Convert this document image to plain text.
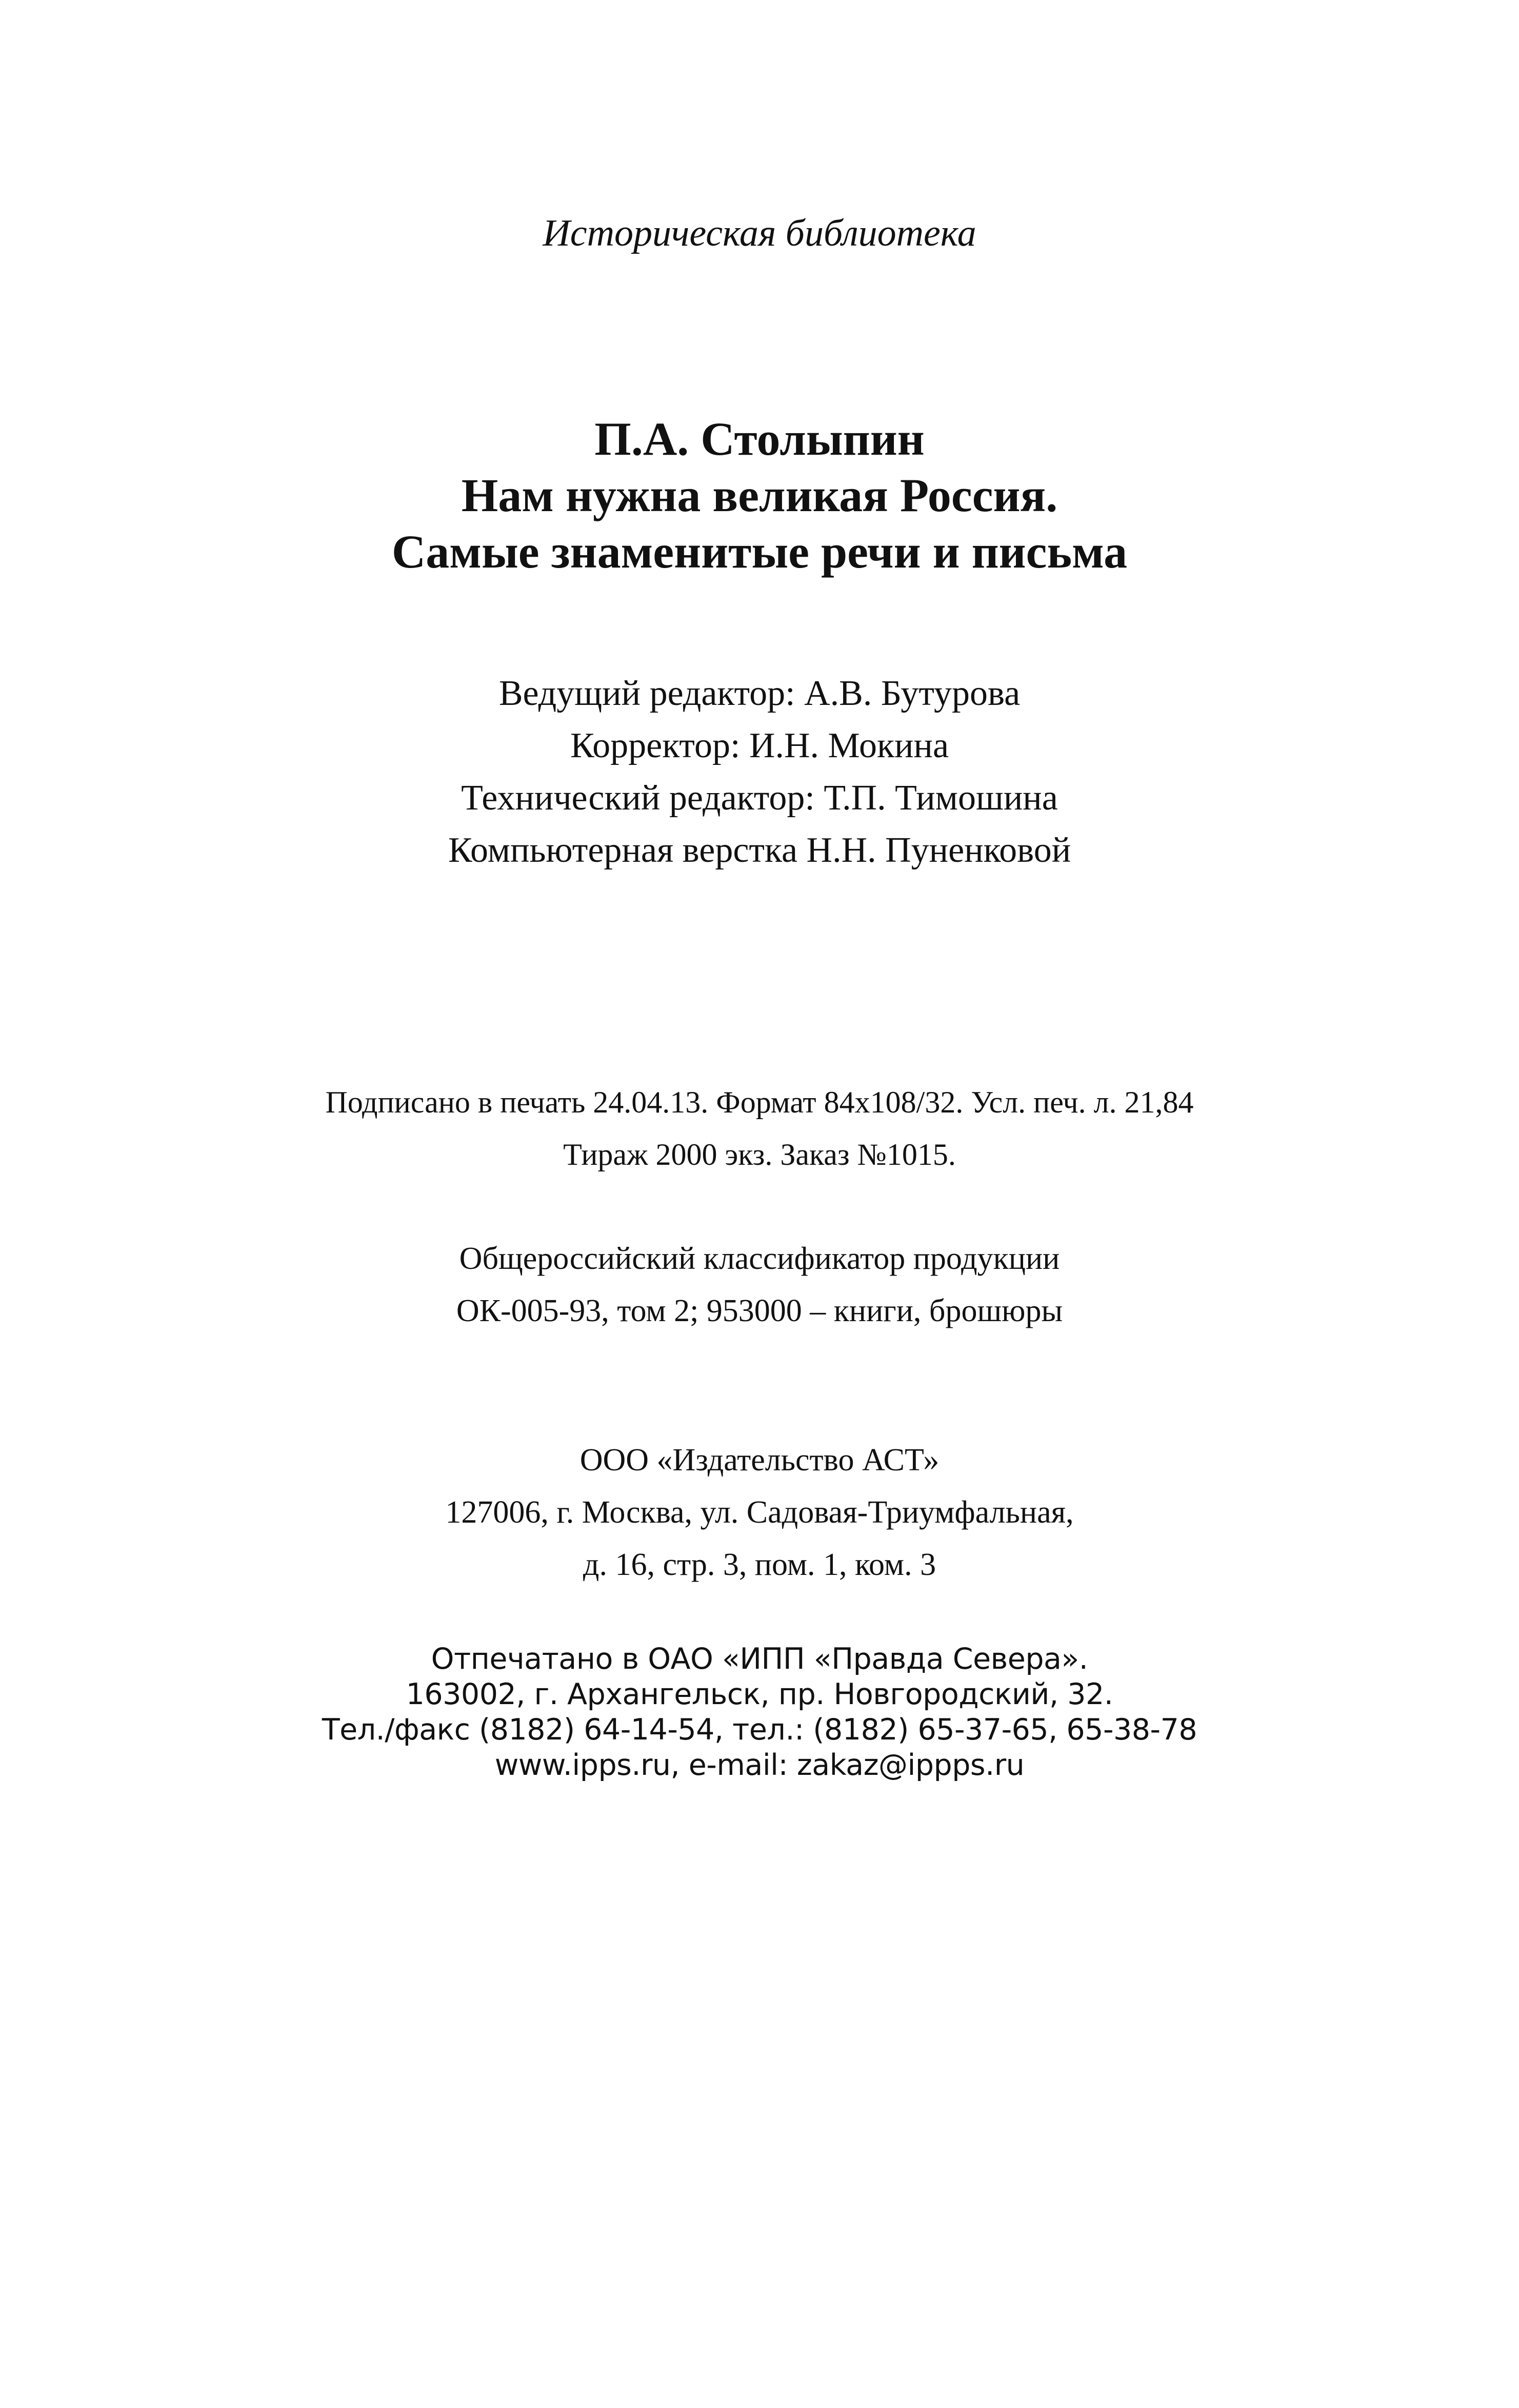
Историческая библиотека
П.А. Столыпин
Нам нужна великая Россия.
Самые знаменитые речи и письма
Ведущий редактор: А.В. Бутурова
Корректор: И.Н. Мокина
Технический редактор: Т.П. Тимошина
Компьютерная верстка Н.Н. Пуненковой
Подписано в печать 24.04.13. Формат 84x108/32. Усл. печ. л. 21,84
Тираж 2000 экз. Заказ №1015.
Общероссийский классификатор продукции
ОК-005-93, том 2; 953000 – книги, брошюры
ООО «Издательство АСТ»
127006, г. Москва, ул. Садовая-Триумфальная,
д. 16, стр. 3, пом. 1, ком. 3
Отпечатано в ОАО «ИПП «Правда Севера».
163002, г. Архангельск, пр. Новгородский, 32.
Тел./факс (8182) 64-14-54, тел.: (8182) 65-37-65, 65-38-78
www.ipps.ru, e-mail: zakaz@ippps.ru
